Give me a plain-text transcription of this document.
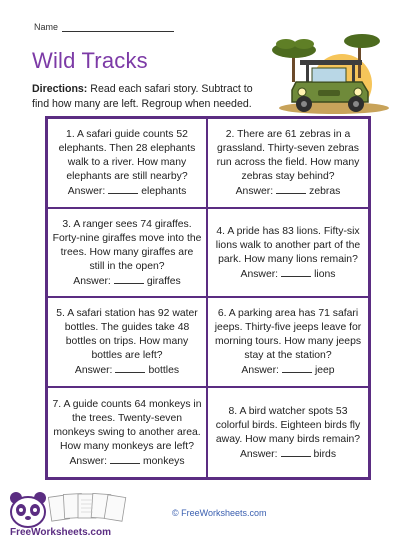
Name
Wild Tracks
Directions: Read each safari story. Subtract to find how many are left. Regroup when needed.
1. A safari guide counts 52 elephants. Then 28 elephants walk to a river. How many elephants are still nearby?
Answer:	elephants
2. There are 61 zebras in a grassland. Thirty-seven zebras run across the field. How many zebras stay behind?
Answer:	zebras
3. A ranger sees 74 giraffes. Forty-nine giraffes move into the trees. How many giraffes are still in the open?
Answer:	giraffes
4. A pride has 83 lions. Fifty-six lions walk to another part of the park. How many lions remain?
Answer:	lions
5. A safari station has 92 water bottles. The guides take 48 bottles on trips. How many bottles are left?
Answer:	bottles
6. A parking area has 71 safari jeeps. Thirty-five jeeps leave for morning tours. How many jeeps stay at the station?
Answer:	jeep
7. A guide counts 64 monkeys in the trees. Twenty-seven monkeys swing to another area. How many monkeys are left?
Answer:	monkeys
8. A bird watcher spots 53 colorful birds. Eighteen birds fly away. How many birds remain?
Answer:	birds
FreeWorksheets.com
© FreeWorksheets.com
